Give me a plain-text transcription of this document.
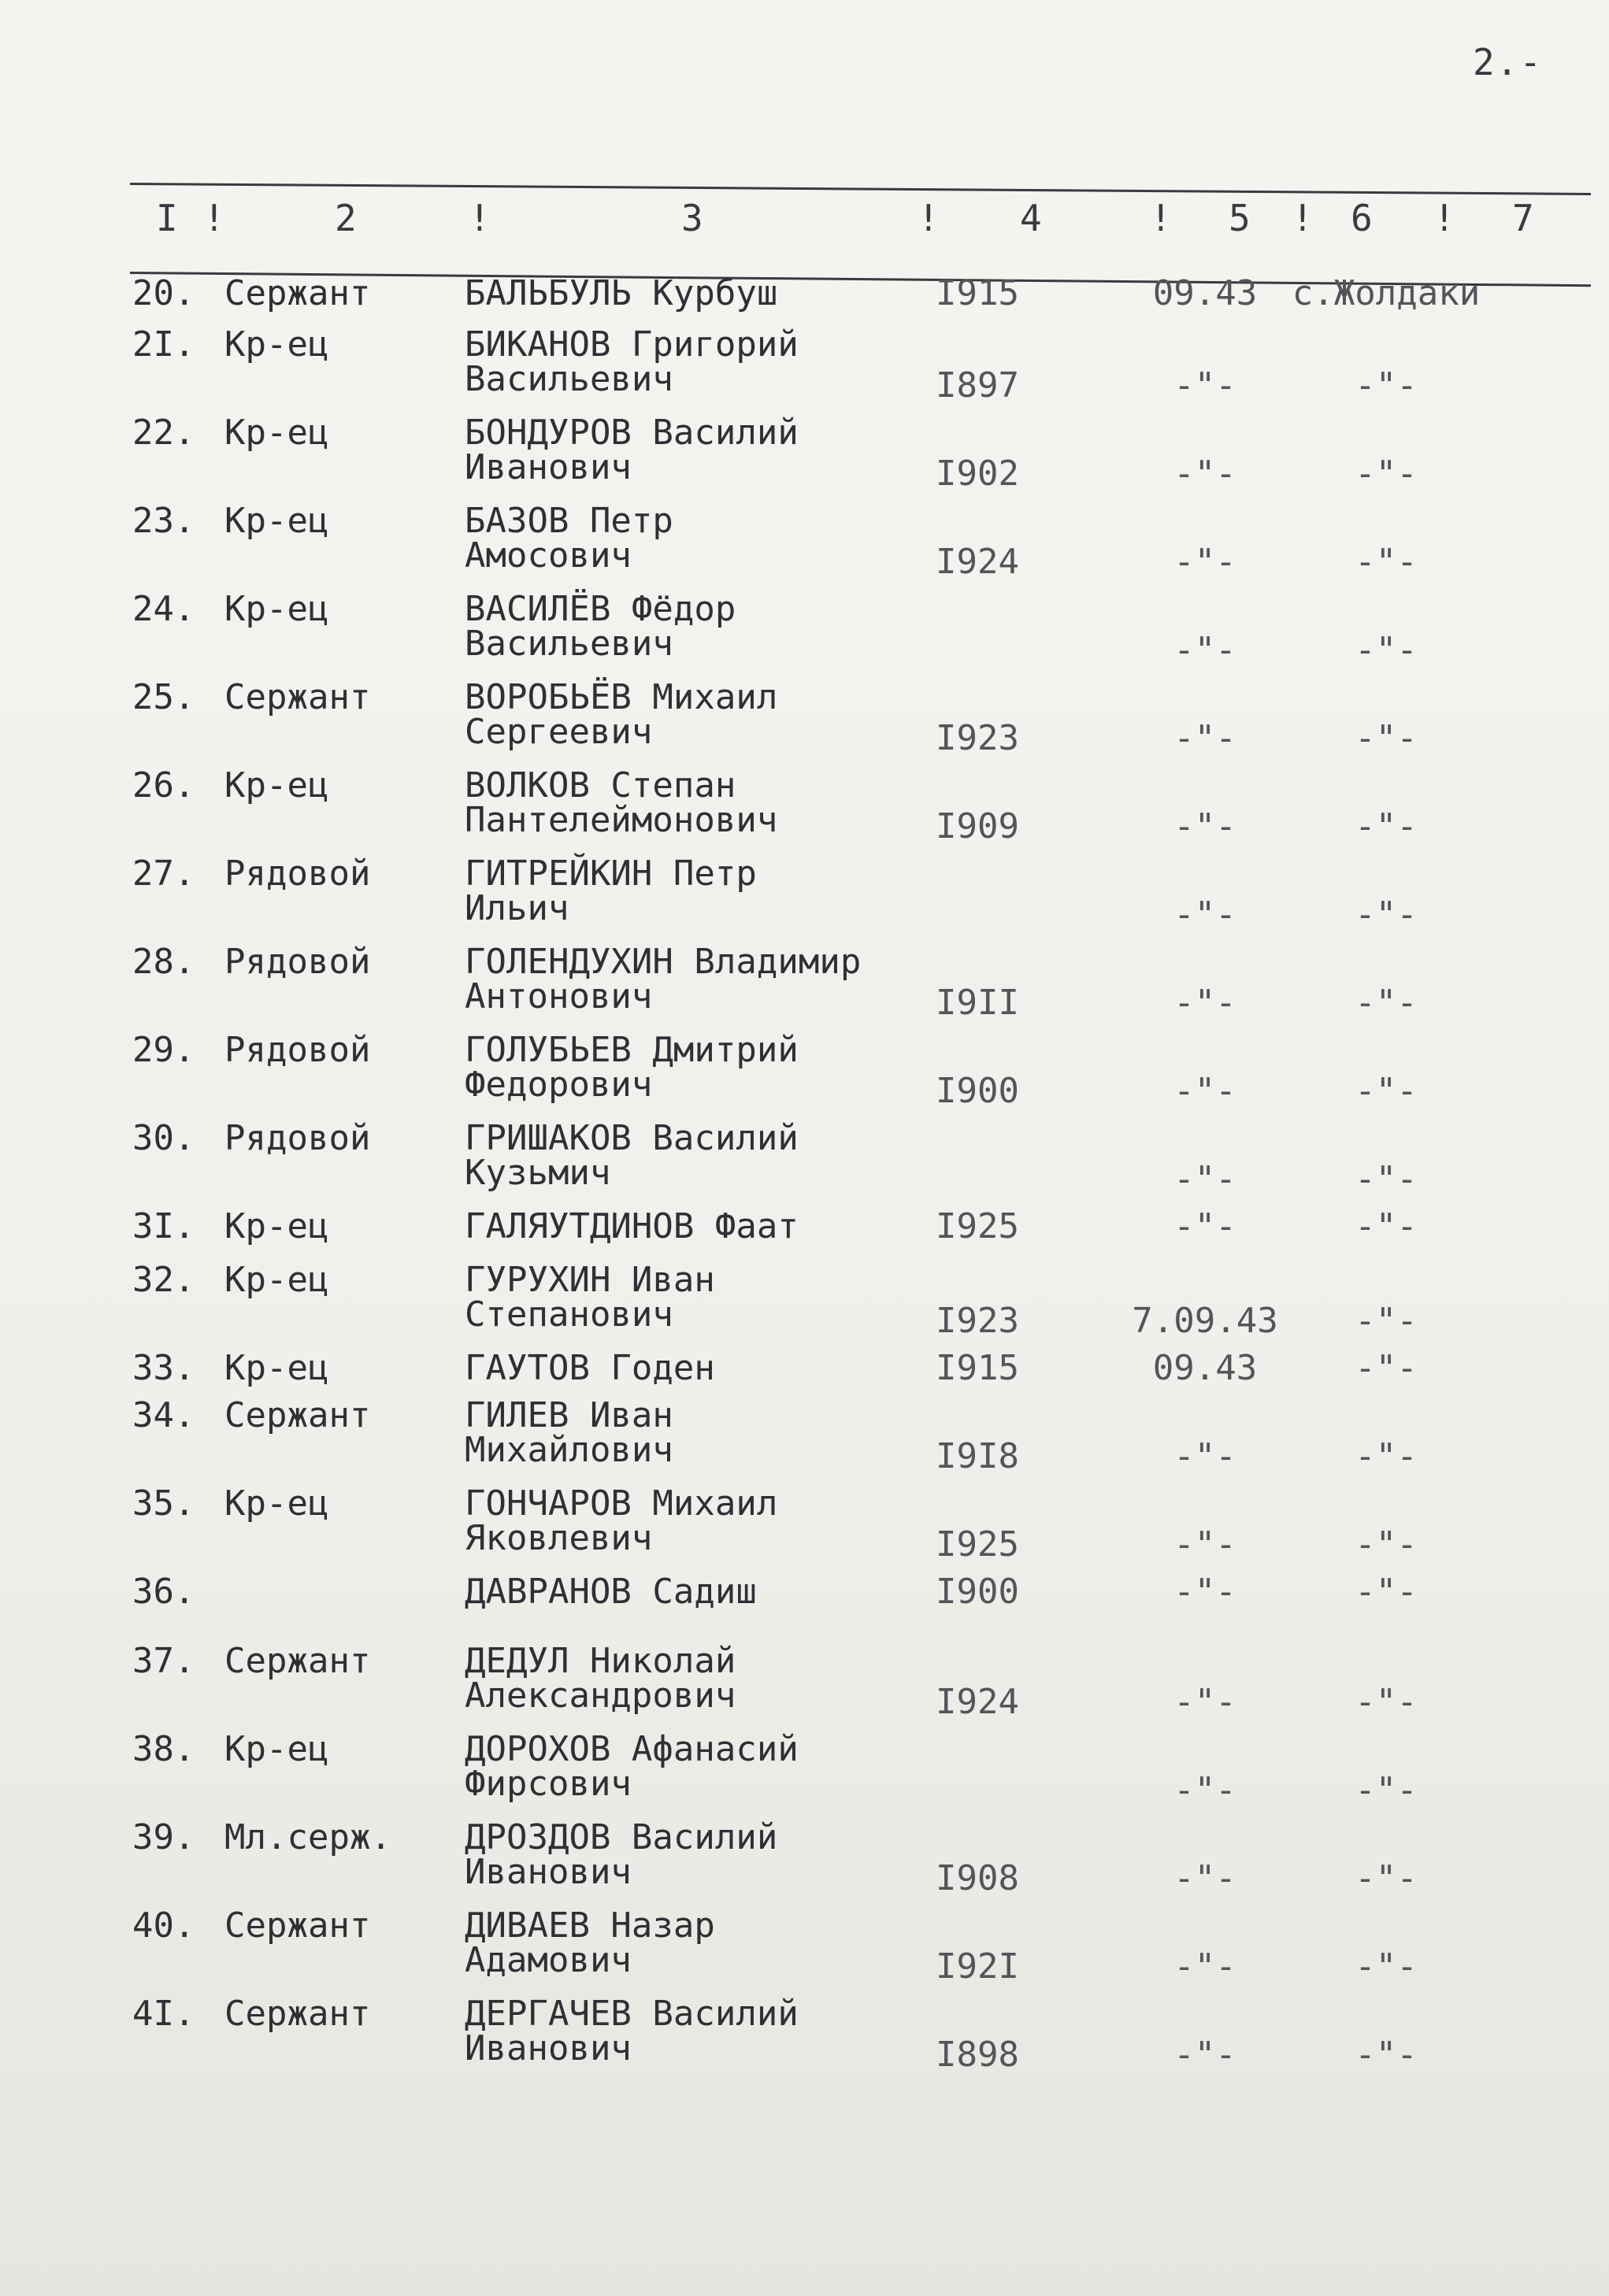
2.-
I !	2	!	3	! 4	! 5 ! 6 ! 7
20. Сержант	БАЛЬБУЛЬ Курбуш	I915	09.43	с.Жолдаки
2I. Кр-ец	БИКАНОВ Григорий
Васильевич	I897	-"-	-"-
22. Кр-ец	БОНДУРОВ Василий
Иванович	I902	-"-	-"-
23. Кр-ец	БАЗОВ Петр
Амосович	I924	-"-	-"-
24. Кр-ец	ВАСИЛЁВ Фёдор
Васильевич	-"-	-"-
25. Сержант	ВОРОБЬЁВ Михаил
Сергеевич	I923	-"-	-"-
26. Кр-ец	ВОЛКОВ Степан
Пантелеймонович	I909	-"-	-"-
27. Рядовой	ГИТРЕЙКИН Петр
Ильич	-"-	-"-
28. Рядовой	ГОЛЕНДУХИН Владимир
Антонович	I9II	-"-	-"-
29. Рядовой	ГОЛУБЬЕВ Дмитрий
Федорович	I900	-"-	-"-
30. Рядовой	ГРИШАКОВ Василий
Кузьмич	-"-	-"-
3I. Кр-ец	ГАЛЯУТДИНОВ Фаат	I925	-"-	-"-
32. Кр-ец	ГУРУХИН Иван
Степанович	I923	7.09.43	-"-
33. Кр-ец	ГАУТОВ Годен	I915	09.43	-"-
34. Сержант	ГИЛЕВ Иван
Михайлович	I9I8	-"-	-"-
35. Кр-ец	ГОНЧАРОВ Михаил
Яковлевич	I925	-"-	-"-
36.	ДАВРАНОВ Садиш	I900	-"-	-"-
37. Сержант	ДЕДУЛ Николай
Александрович	I924	-"-	-"-
38. Кр-ец	ДОРОХОВ Афанасий
Фирсович	-"-	-"-
39. Мл.серж. ДРОЗДОВ Василий
Иванович	I908	-"-	-"-
40. Сержант	ДИВАЕВ Назар
Адамович	I92I	-"-	-"-
4I. Сержант	ДЕРГАЧЕВ Василий
Иванович	I898	-"-	-"-
